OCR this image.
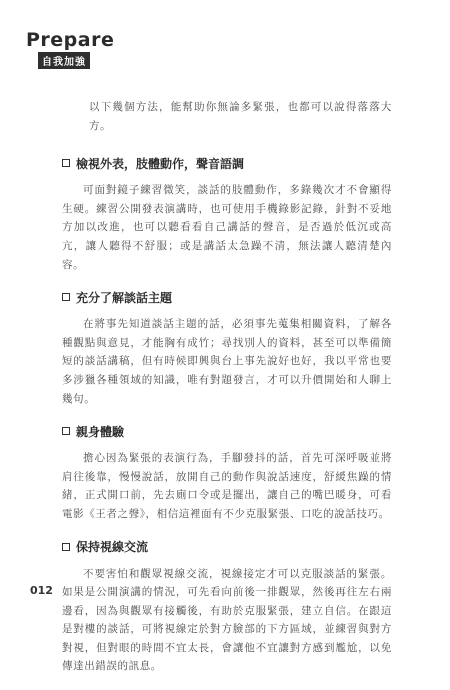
Prepare
自我加強

以下幾個方法，能幫助你無論多緊張，也都可以說得落落大方。

檢視外表，肢體動作，聲音語調

可面對鏡子練習微笑，談話的肢體動作，多錄幾次才不會顯得生硬。練習公開發表演講時，也可使用手機錄影記錄，針對不妥地方加以改進，也可以聽看看自己講話的聲音，是否過於低沉或高亢，讓人聽得不舒服；或是講話太急躁不清，無法讓人聽清楚內容。

充分了解談話主題

在將事先知道談話主題的話，必須事先蒐集相關資料，了解各種觀點與意見，才能胸有成竹；尋找別人的資料，甚至可以準備簡短的談話講稿，但有時候即興與台上事先說好也好，我以平常也要多涉獵各種領域的知識，唯有對題發言，才可以升價開始和人聊上幾句。

親身體驗

擔心因為緊張的表演行為，手腳發抖的話，首先可深呼吸並將肩往後靠，慢慢說話，放開自己的動作與說話速度，舒緩焦躁的情緒，正式開口前，先去廁口令或是擺出，讓自己的嘴巴暖身，可看電影《王者之聲》，相信這裡面有不少克服緊張、口吃的說話技巧。

保持視線交流

不要害怕和觀眾視線交流，視線接定才可以克服談話的緊張。如果是公開演講的情況，可先看向前後一排觀眾，然後再往左右兩邊看，因為與觀眾有接觸後，有助於克服緊張，建立自信。在跟這是對樓的談話，可將視線定於對方臉部的下方區域，並練習與對方對視，但對眼的時間不宜太長，會讓他不宜讓對方感到尷尬，以免傳達出錯誤的訊息。

012
